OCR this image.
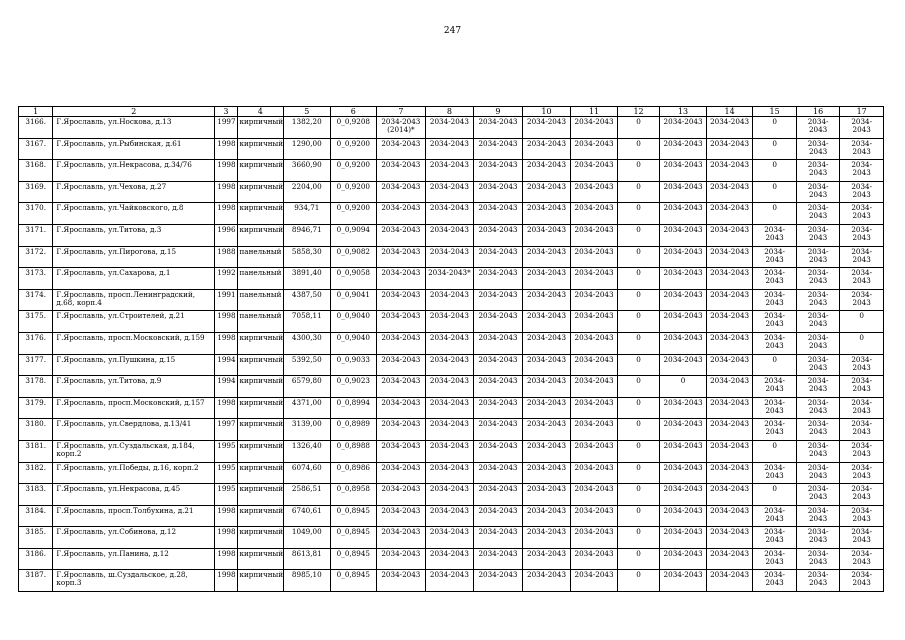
247
1	2	3	4	5	6	7	8	9	10	11	12	13	14	15	16	17
3166.	Г.Ярославль, ул.Носкова, д.13	1997	кирпичный	1382,20	0_0,9208	2034-2043 (2014)*	2034-2043	2034-2043	2034-2043	2034-2043	0	2034-2043	2034-2043	0	2034-2043	2034-2043
3167.	Г.Ярославль, ул.Рыбинская, д.61	1998	кирпичный	1290,00	0_0,9200	2034-2043	2034-2043	2034-2043	2034-2043	2034-2043	0	2034-2043	2034-2043	0	2034-2043	2034-2043
3168.	Г.Ярославль, ул.Некрасова, д.34/76	1998	кирпичный	3660,90	0_0,9200	2034-2043	2034-2043	2034-2043	2034-2043	2034-2043	0	2034-2043	2034-2043	0	2034-2043	2034-2043
3169.	Г.Ярославль, ул.Чехова, д.27	1998	кирпичный	2204,00	0_0,9200	2034-2043	2034-2043	2034-2043	2034-2043	2034-2043	0	2034-2043	2034-2043	0	2034-2043	2034-2043
3170.	Г.Ярославль, ул.Чайковского, д.8	1998	кирпичный	934,71	0_0,9200	2034-2043	2034-2043	2034-2043	2034-2043	2034-2043	0	2034-2043	2034-2043	0	2034-2043	2034-2043
3171.	Г.Ярославль, ул.Титова, д.3	1996	кирпичный	8946,71	0_0,9094	2034-2043	2034-2043	2034-2043	2034-2043	2034-2043	0	2034-2043	2034-2043	2034-2043	2034-2043	2034-2043
3172.	Г.Ярославль, ул.Пирогова, д.15	1988	панельный	5858,30	0_0,9082	2034-2043	2034-2043	2034-2043	2034-2043	2034-2043	0	2034-2043	2034-2043	2034-2043	2034-2043	2034-2043
3173.	Г.Ярославль, ул.Сахарова, д.1	1992	панельный	3891,40	0_0,9058	2034-2043	2034-2043*	2034-2043	2034-2043	2034-2043	0	2034-2043	2034-2043	2034-2043	2034-2043	2034-2043
3174.	Г.Ярославль, просп.Ленинградский, д.68, корп.4	1991	панельный	4387,50	0_0,9041	2034-2043	2034-2043	2034-2043	2034-2043	2034-2043	0	2034-2043	2034-2043	2034-2043	2034-2043	2034-2043
3175.	Г.Ярославль, ул.Строителей, д.21	1998	панельный	7058,11	0_0,9040	2034-2043	2034-2043	2034-2043	2034-2043	2034-2043	0	2034-2043	2034-2043	2034-2043	2034-2043	0
3176.	Г.Ярославль, просп.Московский, д.159	1998	кирпичный	4300,30	0_0,9040	2034-2043	2034-2043	2034-2043	2034-2043	2034-2043	0	2034-2043	2034-2043	2034-2043	2034-2043	0
3177.	Г.Ярославль, ул.Пушкина, д.15	1994	кирпичный	5392,50	0_0,9033	2034-2043	2034-2043	2034-2043	2034-2043	2034-2043	0	2034-2043	2034-2043	0	2034-2043	2034-2043
3178.	Г.Ярославль, ул.Титова, д.9	1994	кирпичный	6579,80	0_0,9023	2034-2043	2034-2043	2034-2043	2034-2043	2034-2043	0	0	2034-2043	2034-2043	2034-2043	2034-2043
3179.	Г.Ярославль, просп.Московский, д.157	1998	кирпичный	4371,00	0_0,8994	2034-2043	2034-2043	2034-2043	2034-2043	2034-2043	0	2034-2043	2034-2043	2034-2043	2034-2043	2034-2043
3180.	Г.Ярославль, ул.Свердлова, д.13/41	1997	кирпичный	3139,00	0_0,8989	2034-2043	2034-2043	2034-2043	2034-2043	2034-2043	0	2034-2043	2034-2043	2034-2043	2034-2043	2034-2043
3181.	Г.Ярославль, ул.Суздальская, д.184, корп.2	1995	кирпичный	1326,40	0_0,8988	2034-2043	2034-2043	2034-2043	2034-2043	2034-2043	0	2034-2043	2034-2043	0	2034-2043	2034-2043
3182.	Г.Ярославль, ул.Победы, д.16, корп.2	1995	кирпичный	6074,60	0_0,8986	2034-2043	2034-2043	2034-2043	2034-2043	2034-2043	0	2034-2043	2034-2043	2034-2043	2034-2043	2034-2043
3183.	Г.Ярославль, ул.Некрасова, д.45	1995	кирпичный	2586,51	0_0,8958	2034-2043	2034-2043	2034-2043	2034-2043	2034-2043	0	2034-2043	2034-2043	0	2034-2043	2034-2043
3184.	Г.Ярославль, просп.Толбухина, д.21	1998	кирпичный	6740,61	0_0,8945	2034-2043	2034-2043	2034-2043	2034-2043	2034-2043	0	2034-2043	2034-2043	2034-2043	2034-2043	2034-2043
3185.	Г.Ярославль, ул.Собинова, д.12	1998	кирпичный	1049,00	0_0,8945	2034-2043	2034-2043	2034-2043	2034-2043	2034-2043	0	2034-2043	2034-2043	2034-2043	2034-2043	2034-2043
3186.	Г.Ярославль, ул.Панина, д.12	1998	кирпичный	8613,81	0_0,8945	2034-2043	2034-2043	2034-2043	2034-2043	2034-2043	0	2034-2043	2034-2043	2034-2043	2034-2043	2034-2043
3187.	Г.Ярославль, ш.Суздальское, д.28, корп.3	1998	кирпичный	8985,10	0_0,8945	2034-2043	2034-2043	2034-2043	2034-2043	2034-2043	0	2034-2043	2034-2043	2034-2043	2034-2043	2034-2043
